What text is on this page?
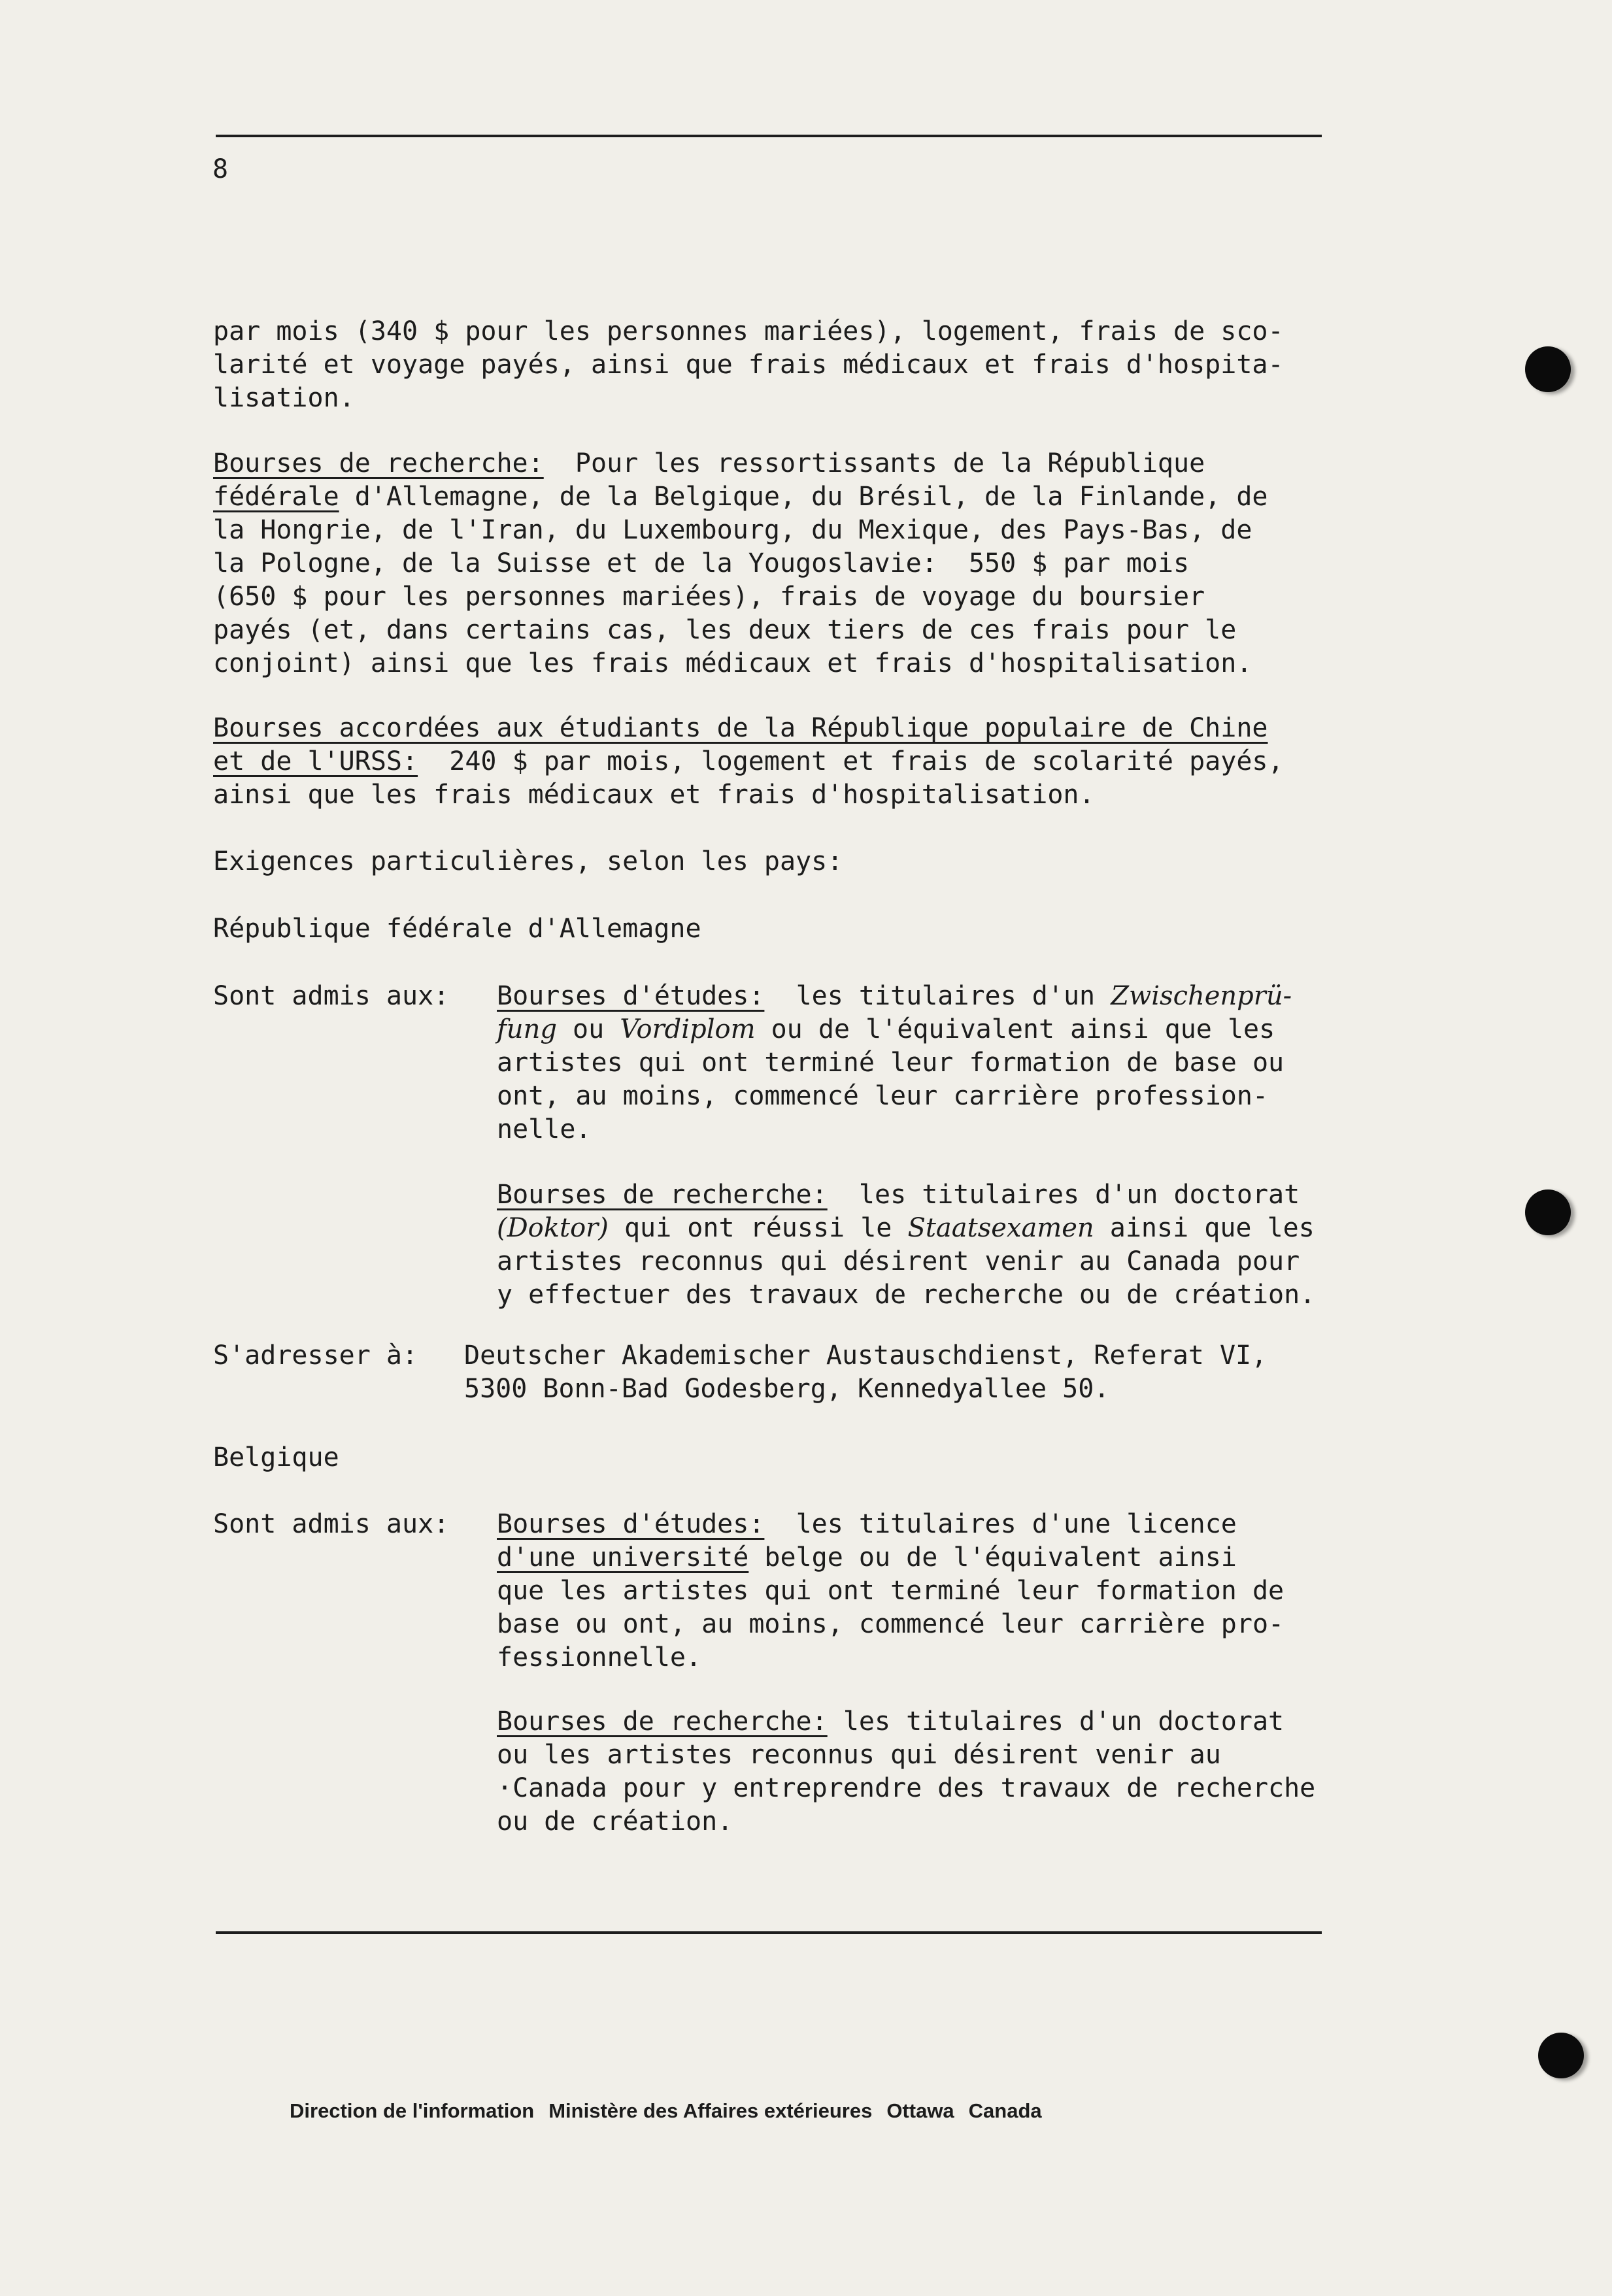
8
par mois (340 $ pour les personnes mariées), logement, frais de sco-
larité et voyage payés, ainsi que frais médicaux et frais d'hospita-
lisation.
Bourses de recherche:  Pour les ressortissants de la République
fédérale d'Allemagne, de la Belgique, du Brésil, de la Finlande, de
la Hongrie, de l'Iran, du Luxembourg, du Mexique, des Pays-Bas, de
la Pologne, de la Suisse et de la Yougoslavie:  550 $ par mois
(650 $ pour les personnes mariées), frais de voyage du boursier
payés (et, dans certains cas, les deux tiers de ces frais pour le
conjoint) ainsi que les frais médicaux et frais d'hospitalisation.
Bourses accordées aux étudiants de la République populaire de Chine
et de l'URSS:  240 $ par mois, logement et frais de scolarité payés,
ainsi que les frais médicaux et frais d'hospitalisation.
Exigences particulières, selon les pays:
République fédérale d'Allemagne
Sont admis aux: Bourses d'études:  les titulaires d'un Zwischenprü-
fung ou Vordiplom ou de l'équivalent ainsi que les
artistes qui ont terminé leur formation de base ou
ont, au moins, commencé leur carrière profession-
nelle.
Bourses de recherche:  les titulaires d'un doctorat
(Doktor) qui ont réussi le Staatsexamen ainsi que les
artistes reconnus qui désirent venir au Canada pour
y effectuer des travaux de recherche ou de création.
S'adresser à: Deutscher Akademischer Austauschdienst, Referat VI,
5300 Bonn-Bad Godesberg, Kennedyallee 50.
Belgique
Sont admis aux: Bourses d'études:  les titulaires d'une licence
d'une université belge ou de l'équivalent ainsi
que les artistes qui ont terminé leur formation de
base ou ont, au moins, commencé leur carrière pro-
fessionnelle.
Bourses de recherche: les titulaires d'un doctorat
ou les artistes reconnus qui désirent venir au
·Canada pour y entreprendre des travaux de recherche
ou de création.
Direction de l'information Ministère des Affaires extérieures Ottawa Canada
